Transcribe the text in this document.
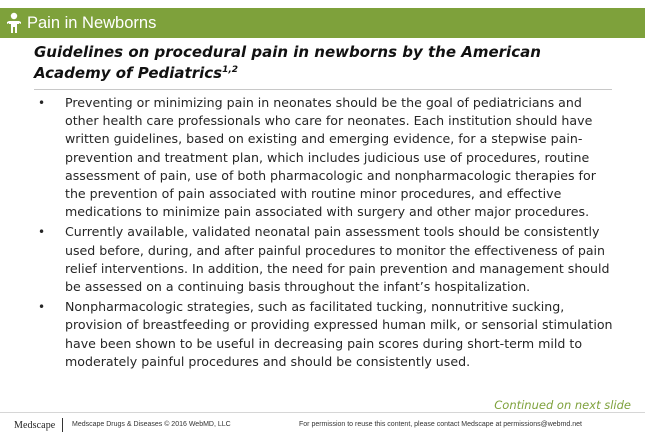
Pain in Newborns
Guidelines on procedural pain in newborns by the American Academy of Pediatrics$^{1,2}$
• Preventing or minimizing pain in neonates should be the goal of pediatricians and other health care professionals who care for neonates. Each institution should have written guidelines, based on existing and emerging evidence, for a stepwise pain-prevention and treatment plan, which includes judicious use of procedures, routine assessment of pain, use of both pharmacologic and nonpharmacologic therapies for the prevention of pain associated with routine minor procedures, and effective medications to minimize pain associated with surgery and other major procedures.
• Currently available, validated neonatal pain assessment tools should be consistently used before, during, and after painful procedures to monitor the effectiveness of pain relief interventions. In addition, the need for pain prevention and management should be assessed on a continuing basis throughout the infant’s hospitalization.
• Nonpharmacologic strategies, such as facilitated tucking, nonnutritive sucking, provision of breastfeeding or providing expressed human milk, or sensorial stimulation have been shown to be useful in decreasing pain scores during short-term mild to moderately painful procedures and should be consistently used.
Continued on next slide
Medscape Medscape Drugs & Diseases © 2016 WebMD, LLC	For permission to reuse this content, please contact Medscape at permissions@webmd.net
